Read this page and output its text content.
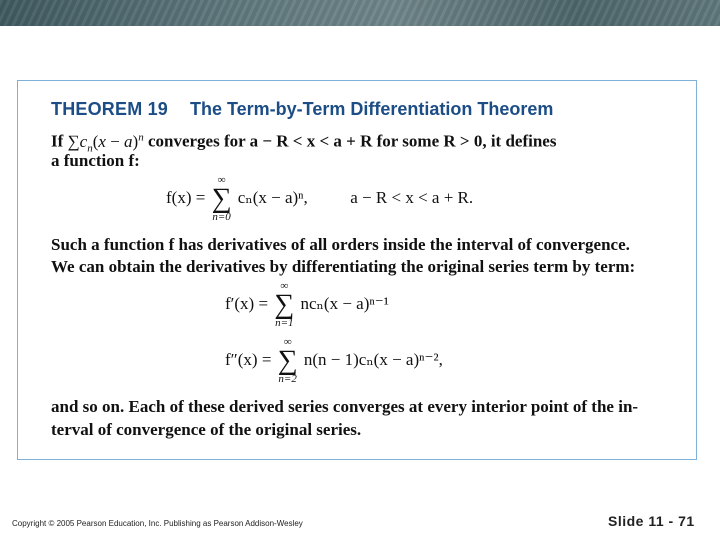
THEOREM 19 The Term-by-Term Differentiation Theorem
If $\sum c_n(x - a)^n$ converges for a − R < x < a + R for some R > 0, it defines
a function f:
f(x) =
∞
∑
n=0
cₙ(x − a)ⁿ,	a − R < x < a + R.
Such a function f has derivatives of all orders inside the interval of convergence.
We can obtain the derivatives by differentiating the original series term by term:
f′(x) =
∞
∑
n=1
ncₙ(x − a)ⁿ⁻¹
f″(x) =
∞
∑
n=2
n(n − 1)cₙ(x − a)ⁿ⁻²,
and so on. Each of these derived series converges at every interior point of the in-
terval of convergence of the original series.
Copyright © 2005 Pearson Education, Inc. Publishing as Pearson Addison-Wesley	Slide 11 - 71
